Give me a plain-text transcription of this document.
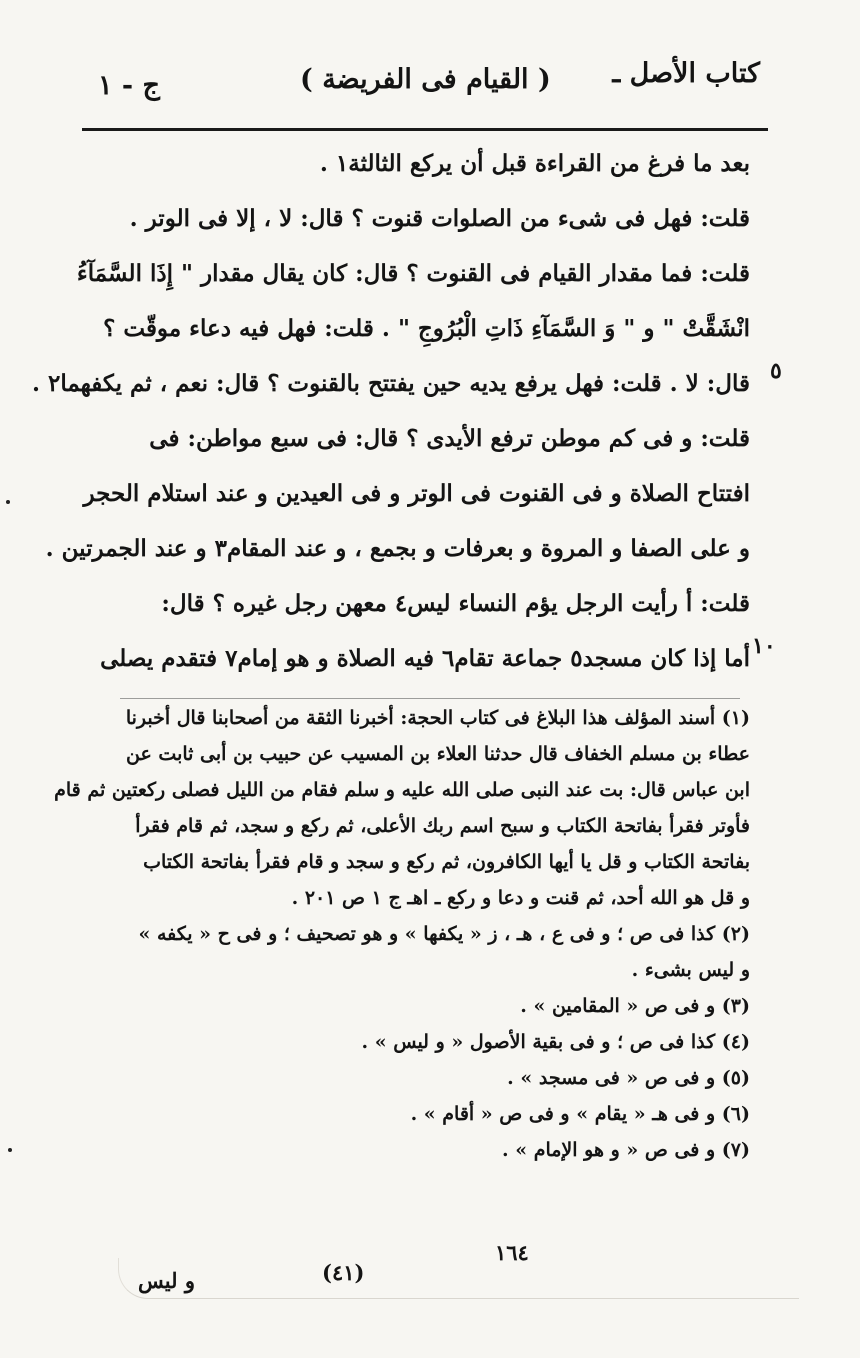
كتاب الأصل ـ
( القيام فى الفريضة )
ج - ١
بعد ما فرغ من القراءة قبل أن يركع الثالثة١ .
قلت: فهل فى شىء من الصلوات قنوت ؟ قال: لا ، إلا فى الوتر .
قلت: فما مقدار القيام فى القنوت ؟ قال: كان يقال مقدار " إِذَا السَّمَآءُ
انْشَقَّتْ " و " وَ السَّمَآءِ ذَاتِ الْبُرُوجِ " . قلت: فهل فيه دعاء موقّت ؟
قال: لا . قلت: فهل يرفع يديه حين يفتتح بالقنوت ؟ قال: نعم ، ثم يكفهما٢ .
قلت: و فى كم موطن ترفع الأيدى ؟ قال: فى سبع مواطن: فى
افتتاح الصلاة و فى القنوت فى الوتر و فى العيدين و عند استلام الحجر
و على الصفا و المروة و بعرفات و بجمع ، و عند المقام٣ و عند الجمرتين .
قلت: أ رأيت الرجل يؤم النساء ليس٤ معهن رجل غيره ؟ قال:
أما إذا كان مسجد٥ جماعة تقام٦ فيه الصلاة و هو إمام٧ فتقدم يصلى
٥
١٠
(١) أسند المؤلف هذا البلاغ فى كتاب الحجة: أخبرنا الثقة من أصحابنا قال أخبرنا
عطاء بن مسلم الخفاف قال حدثنا العلاء بن المسيب عن حبيب بن أبى ثابت عن
ابن عباس قال: بت عند النبى صلى الله عليه و سلم فقام من الليل فصلى ركعتين ثم قام
فأوتر فقرأ بفاتحة الكتاب و سبح اسم ربك الأعلى، ثم ركع و سجد، ثم قام فقرأ
بفاتحة الكتاب و قل يا أيها الكافرون، ثم ركع و سجد و قام فقرأ بفاتحة الكتاب
و قل هو الله أحد، ثم قنت و دعا و ركع ـ اهـ ج ١ ص ٢٠١ .
(٢) كذا فى ص ؛ و فى ع ، هـ ، ز « يكفها » و هو تصحيف ؛ و فى ح « يكفه »
و ليس بشىء .
(٣) و فى ص « المقامين » .
(٤) كذا فى ص ؛ و فى بقية الأصول « و ليس » .
(٥) و فى ص « فى مسجد » .
(٦) و فى هـ « يقام » و فى ص « أقام » .
(٧) و فى ص « و هو الإمام » .
١٦٤
(٤١)
و ليس
